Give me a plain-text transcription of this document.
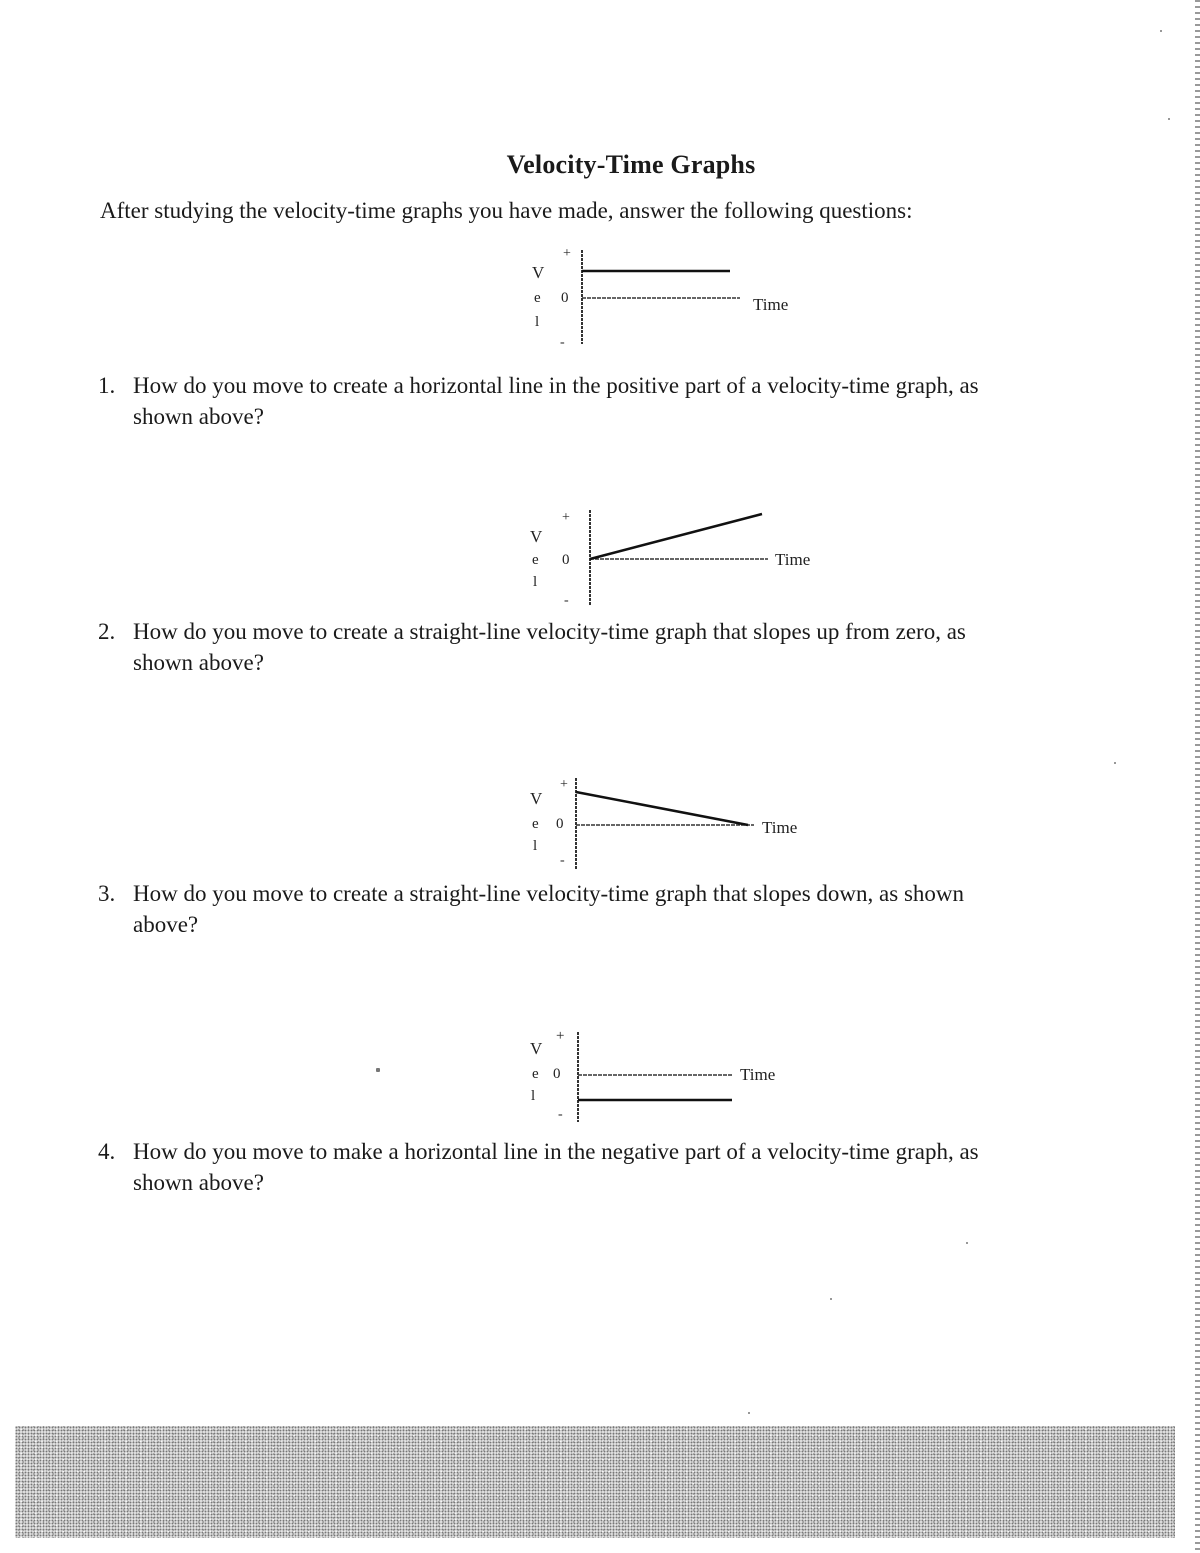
Velocity-Time Graphs
After studying the velocity-time graphs you have made, answer the following questions:
+
V
e 0
l
-
Time
1. How do you move to create a horizontal line in the positive part of a velocity-time graph, as
shown above?
+
V
e 0
l
-
Time
2. How do you move to create a straight-line velocity-time graph that slopes up from zero, as
shown above?
+
V
e 0
l
-
Time
3. How do you move to create a straight-line velocity-time graph that slopes down, as shown
above?
+
V
e 0
l
-
Time
4. How do you move to make a horizontal line in the negative part of a velocity-time graph, as
shown above?
